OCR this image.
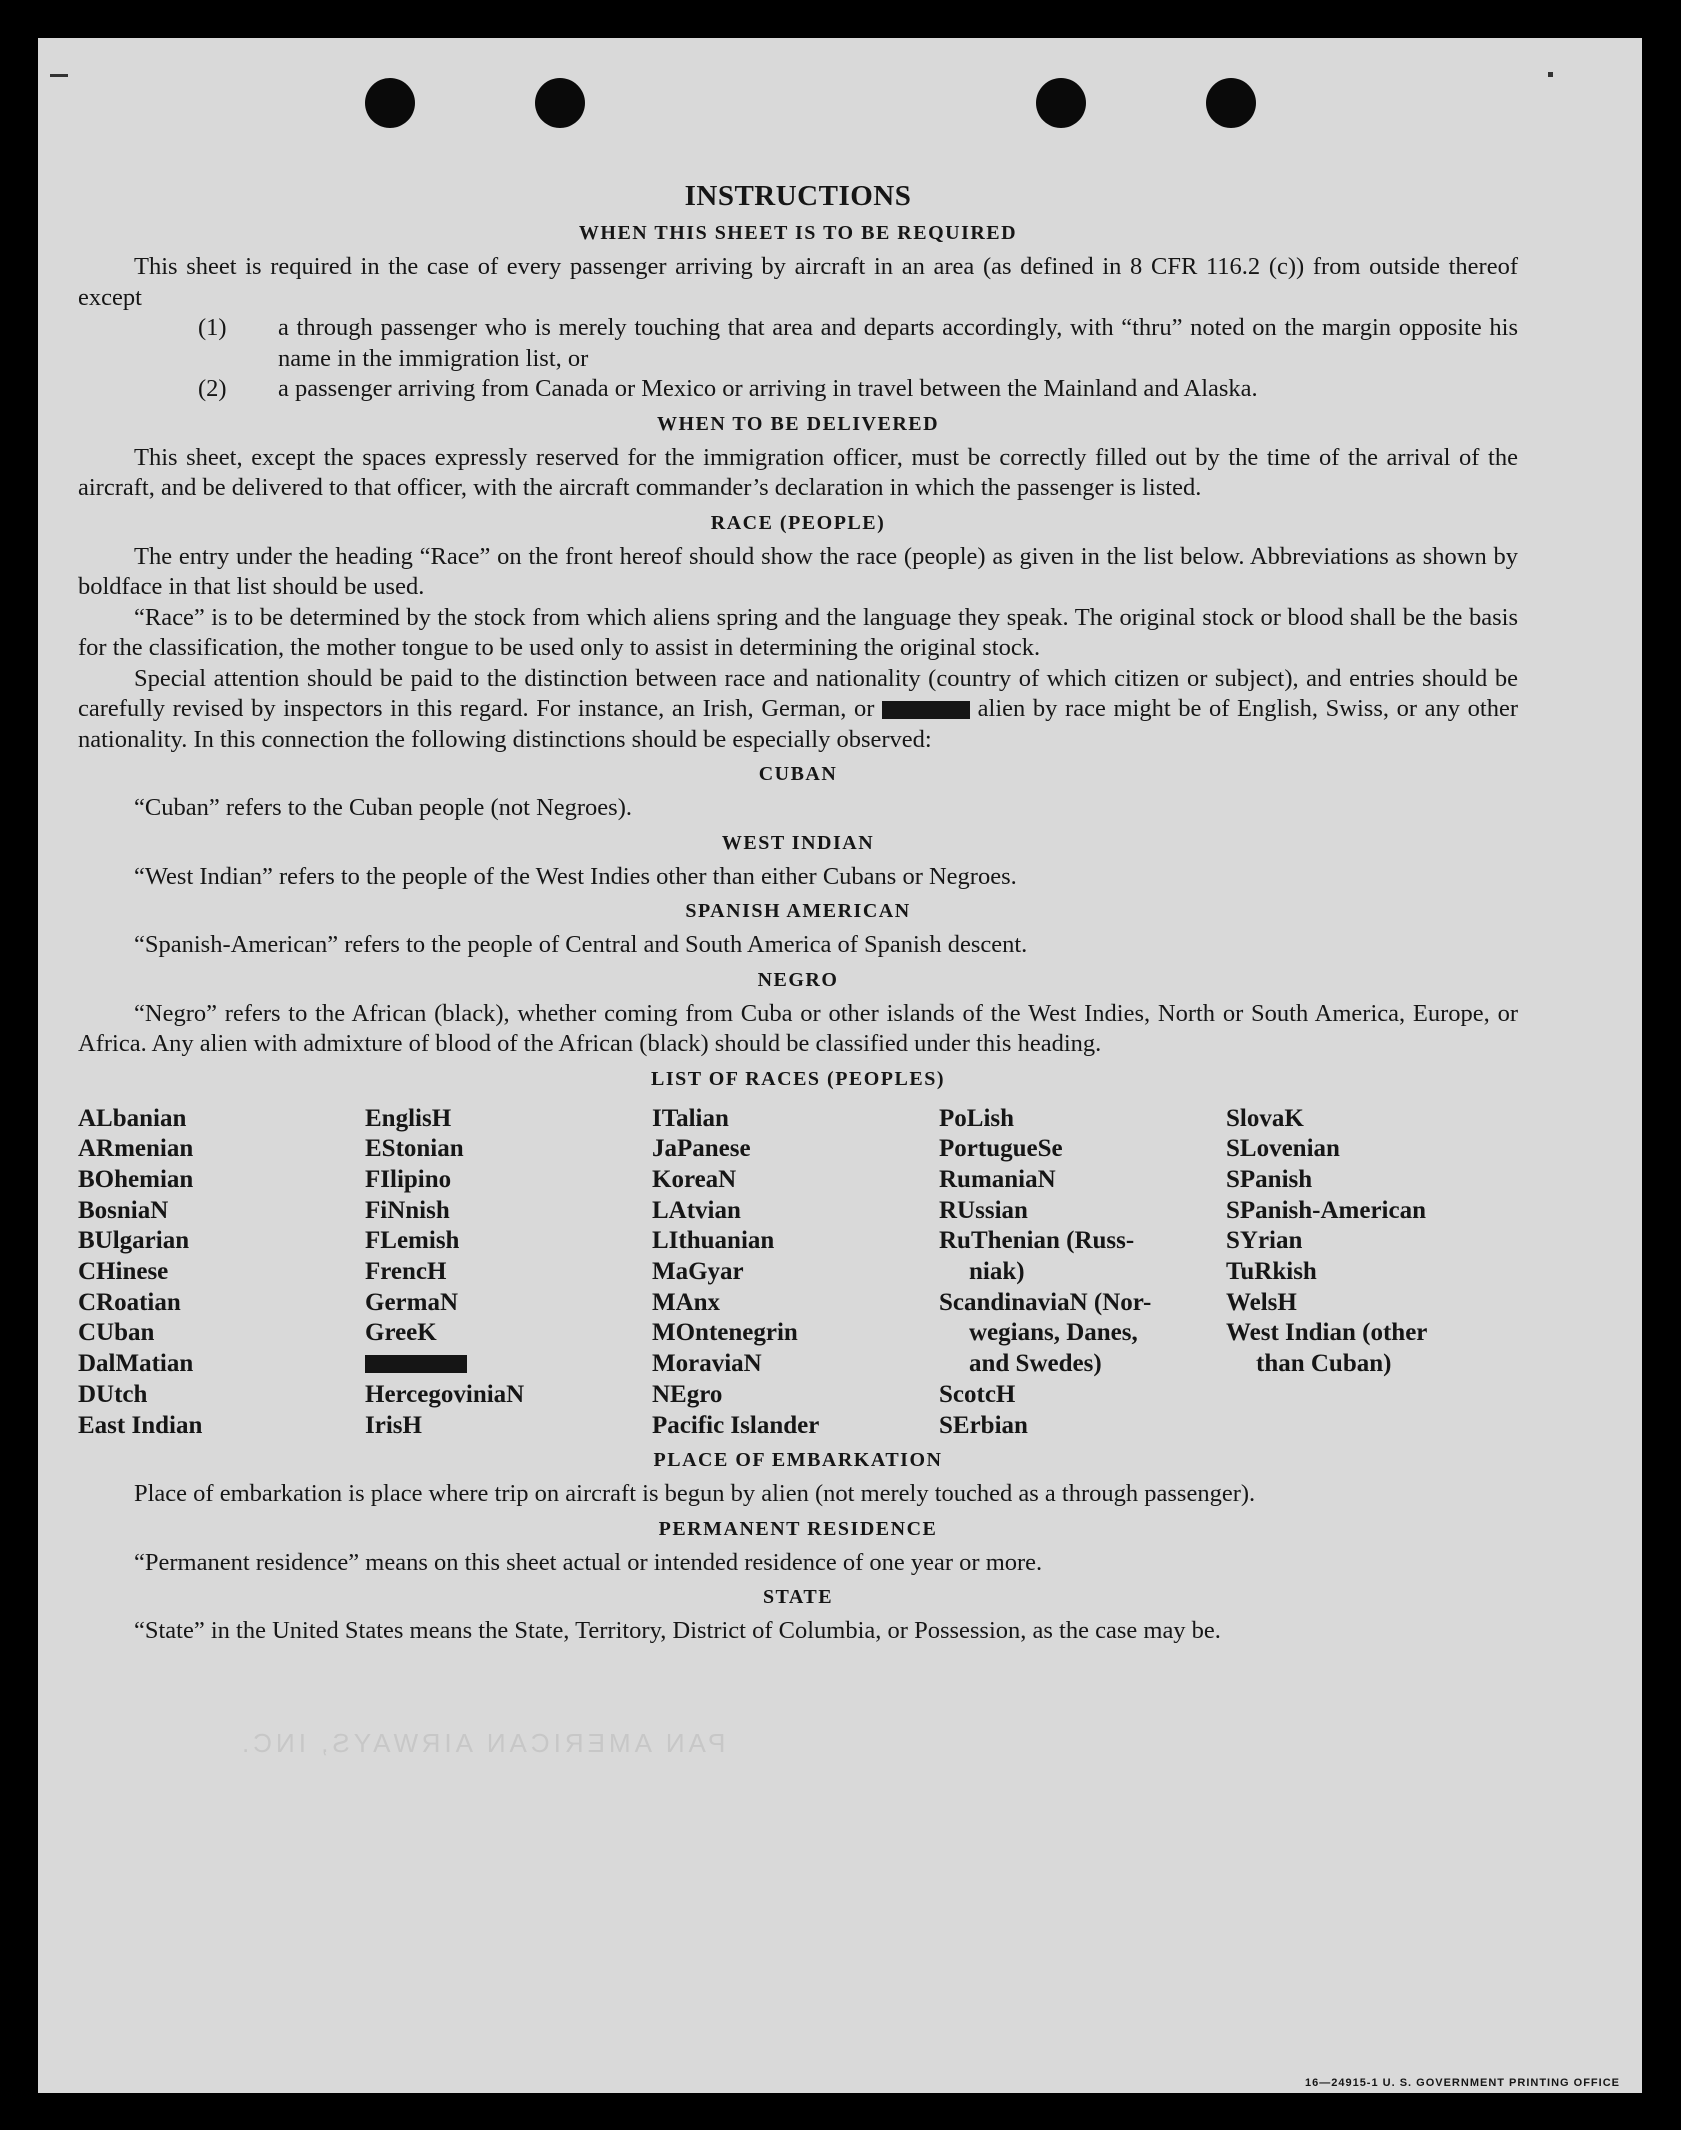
PAN AMERICAN AIRWAYS, INC.
INSTRUCTIONS
WHEN THIS SHEET IS TO BE REQUIRED

This sheet is required in the case of every passenger arriving by aircraft in an area (as defined in 8 CFR 116.2 (c)) from outside thereof except

(1) a through passenger who is merely touching that area and departs accordingly, with “thru” noted on the margin opposite his name in the immigration list, or

(2) a passenger arriving from Canada or Mexico or arriving in travel between the Mainland and Alaska.

WHEN TO BE DELIVERED

This sheet, except the spaces expressly reserved for the immigration officer, must be correctly filled out by the time of the arrival of the aircraft, and be delivered to that officer, with the aircraft commander’s declaration in which the passenger is listed.

RACE (PEOPLE)

The entry under the heading “Race” on the front hereof should show the race (people) as given in the list below. Abbreviations as shown by boldface in that list should be used.

“Race” is to be determined by the stock from which aliens spring and the language they speak. The original stock or blood shall be the basis for the classification, the mother tongue to be used only to assist in determining the original stock.

Special attention should be paid to the distinction between race and nationality (country of which citizen or subject), and entries should be carefully revised by inspectors in this regard. For instance, an Irish, German, or	alien by race might be of English, Swiss, or any other nationality. In this connection the following distinctions should be especially observed:

CUBAN

“Cuban” refers to the Cuban people (not Negroes).

WEST INDIAN

“West Indian” refers to the people of the West Indies other than either Cubans or Negroes.

SPANISH AMERICAN

“Spanish-American” refers to the people of Central and South America of Spanish descent.

NEGRO

“Negro” refers to the African (black), whether coming from Cuba or other islands of the West Indies, North or South America, Europe, or Africa. Any alien with admixture of blood of the African (black) should be classified under this heading.

LIST OF RACES (PEOPLES)
ALbanian
ARmenian
BOhemian
BosniaN
BUlgarian
CHinese
CRoatian
CUban
DalMatian
DUtch
East Indian
EnglisH
EStonian
FIlipino
FiNnish
FLemish
FrencH
GermaN
GreeK
HercegoviniaN
IrisH
ITalian
JaPanese
KoreaN
LAtvian
LIthuanian
MaGyar
MAnx
MOntenegrin
MoraviaN
NEgro
Pacific Islander
PoLish
PortugueSe
RumaniaN
RUssian
RuThenian (Russ-
niak)
ScandinaviaN (Nor-
wegians, Danes,
and Swedes)
ScotcH
SErbian
SlovaK
SLovenian
SPanish
SPanish-American
SYrian
TuRkish
WelsH
West Indian (other
than Cuban)
PLACE OF EMBARKATION

Place of embarkation is place where trip on aircraft is begun by alien (not merely touched as a through passenger).

PERMANENT RESIDENCE

“Permanent residence” means on this sheet actual or intended residence of one year or more.

STATE

“State” in the United States means the State, Territory, District of Columbia, or Possession, as the case may be.

16—24915-1 U. S. GOVERNMENT PRINTING OFFICE
